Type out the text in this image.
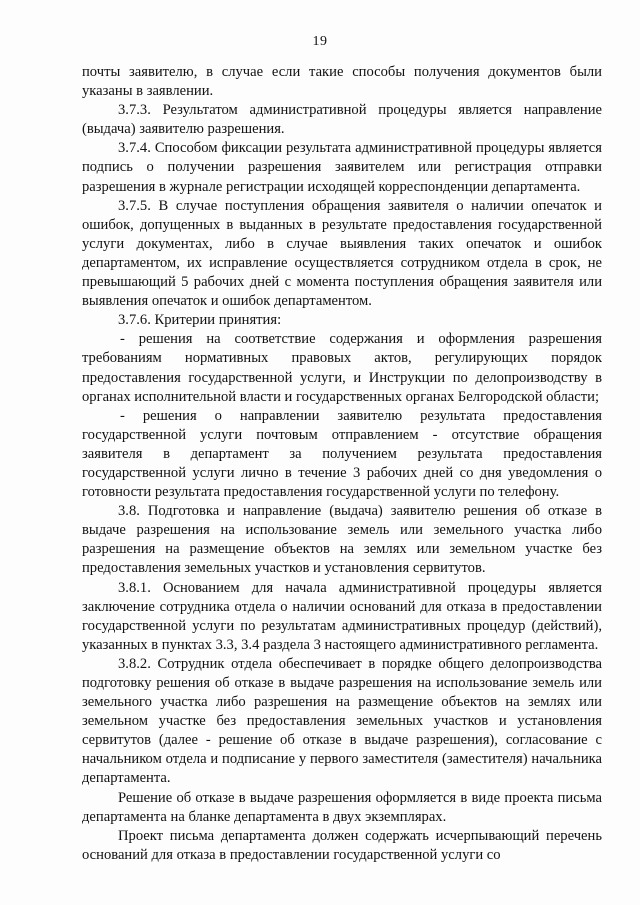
19

почты заявителю, в случае если такие способы получения документов были указаны в заявлении.

3.7.3. Результатом административной процедуры является направление (выдача) заявителю разрешения.

3.7.4. Способом фиксации результата административной процедуры является подпись о получении разрешения заявителем или регистрация отправки разрешения в журнале регистрации исходящей корреспонденции департамента.

3.7.5. В случае поступления обращения заявителя о наличии опечаток и ошибок, допущенных в выданных в результате предоставления государственной услуги документах, либо в случае выявления таких опечаток и ошибок департаментом, их исправление осуществляется сотрудником отдела в срок, не превышающий 5 рабочих дней с момента поступления обращения заявителя или выявления опечаток и ошибок департаментом.

3.7.6. Критерии принятия:

- решения на соответствие содержания и оформления разрешения требованиям нормативных правовых актов, регулирующих порядок предоставления государственной услуги, и Инструкции по делопроизводству в органах исполнительной власти и государственных органах Белгородской области;

- решения о направлении заявителю результата предоставления государственной услуги почтовым отправлением - отсутствие обращения заявителя в департамент за получением результата предоставления государственной услуги лично в течение 3 рабочих дней со дня уведомления о готовности результата предоставления государственной услуги по телефону.

3.8. Подготовка и направление (выдача) заявителю решения об отказе в выдаче разрешения на использование земель или земельного участка либо разрешения на размещение объектов на землях или земельном участке без предоставления земельных участков и установления сервитутов.

3.8.1. Основанием для начала административной процедуры является заключение сотрудника отдела о наличии оснований для отказа в предоставлении государственной услуги по результатам административных процедур (действий), указанных в пунктах 3.3, 3.4 раздела 3 настоящего административного регламента.

3.8.2. Сотрудник отдела обеспечивает в порядке общего делопроизводства подготовку решения об отказе в выдаче разрешения на использование земель или земельного участка либо разрешения на размещение объектов на землях или земельном участке без предоставления земельных участков и установления сервитутов (далее - решение об отказе в выдаче разрешения), согласование с начальником отдела и подписание у первого заместителя (заместителя) начальника департамента.

Решение об отказе в выдаче разрешения оформляется в виде проекта письма департамента на бланке департамента в двух экземплярах.

Проект письма департамента должен содержать исчерпывающий перечень оснований для отказа в предоставлении государственной услуги со
